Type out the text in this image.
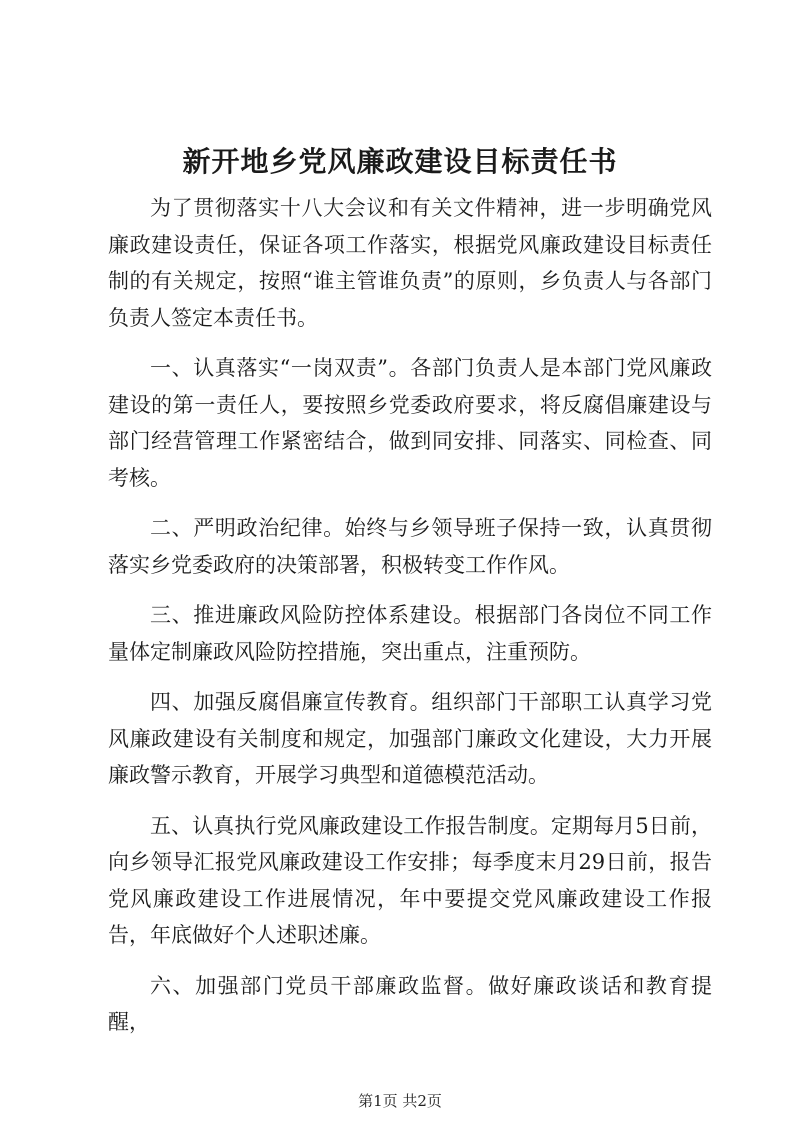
新开地乡党风廉政建设目标责任书

为了贯彻落实十八大会议和有关文件精神，进一步明确党风廉政建设责任，保证各项工作落实，根据党风廉政建设目标责任制的有关规定，按照“谁主管谁负责”的原则，乡负责人与各部门负责人签定本责任书。

一、认真落实“一岗双责”。各部门负责人是本部门党风廉政建设的第一责任人，要按照乡党委政府要求，将反腐倡廉建设与部门经营管理工作紧密结合，做到同安排、同落实、同检查、同考核。

二、严明政治纪律。始终与乡领导班子保持一致，认真贯彻落实乡党委政府的决策部署，积极转变工作作风。

三、推进廉政风险防控体系建设。根据部门各岗位不同工作量体定制廉政风险防控措施，突出重点，注重预防。

四、加强反腐倡廉宣传教育。组织部门干部职工认真学习党风廉政建设有关制度和规定，加强部门廉政文化建设，大力开展廉政警示教育，开展学习典型和道德模范活动。

五、认真执行党风廉政建设工作报告制度。定期每月5日前，向乡领导汇报党风廉政建设工作安排；每季度末月29日前，报告党风廉政建设工作进展情况，年中要提交党风廉政建设工作报告，年底做好个人述职述廉。

六、加强部门党员干部廉政监督。做好廉政谈话和教育提醒，

第1页 共2页
